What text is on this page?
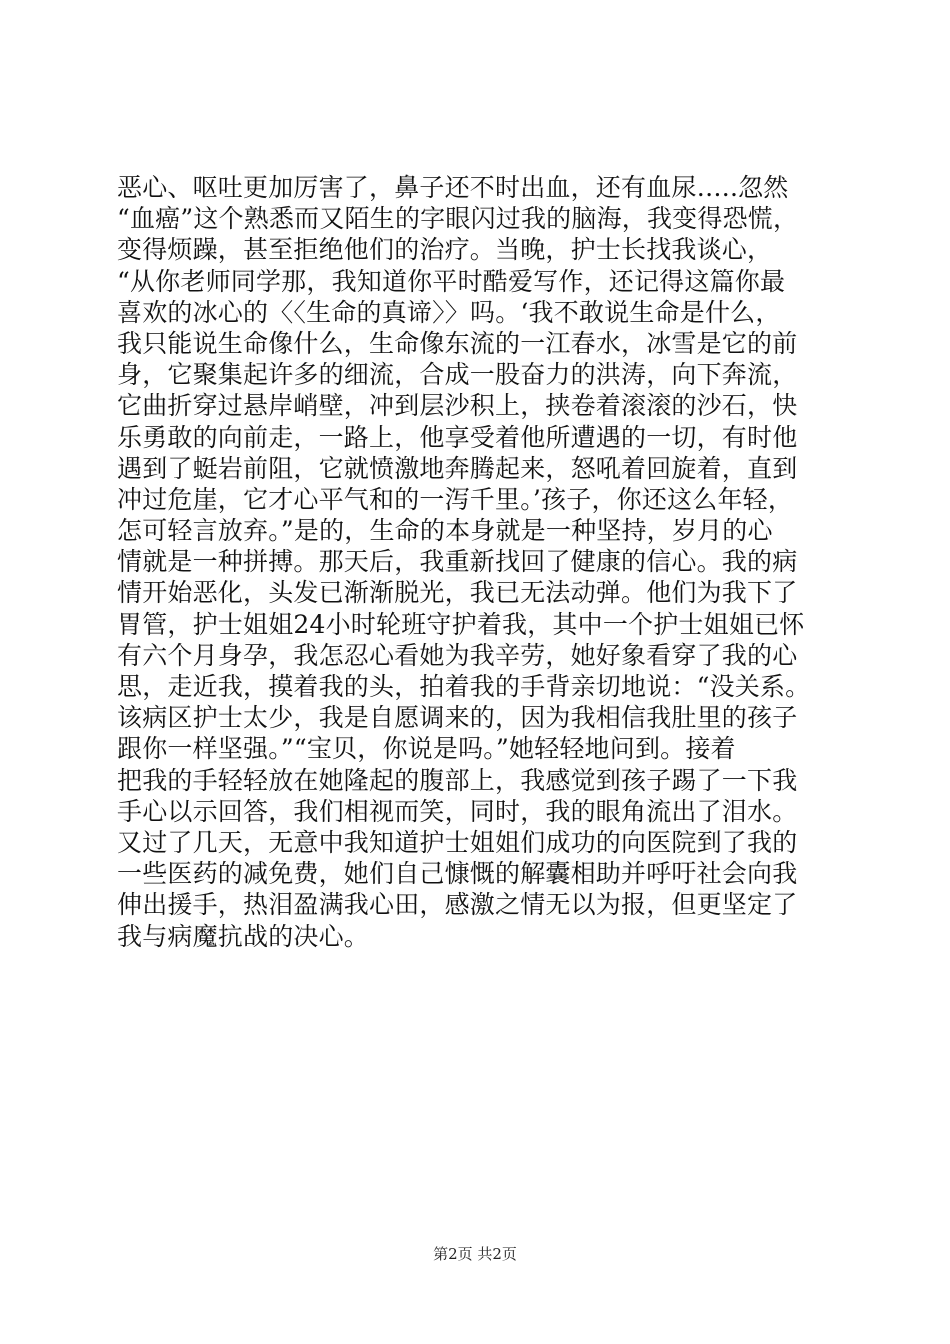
恶心、呕吐更加厉害了，鼻子还不时出血，还有血尿…..忽然
“血癌”这个熟悉而又陌生的字眼闪过我的脑海，我变得恐慌，
变得烦躁，甚至拒绝他们的治疗。当晚，护士长找我谈心，
“从你老师同学那，我知道你平时酷爱写作，还记得这篇你最
喜欢的冰心的〈〈生命的真谛〉〉吗。‘我不敢说生命是什么，
我只能说生命像什么，生命像东流的一江春水，冰雪是它的前
身，它聚集起许多的细流，合成一股奋力的洪涛，向下奔流，
它曲折穿过悬岸峭壁，冲到层沙积上，挟卷着滚滚的沙石，快
乐勇敢的向前走，一路上，他享受着他所遭遇的一切，有时他
遇到了蜓岩前阻，它就愤激地奔腾起来，怒吼着回旋着，直到
冲过危崖，它才心平气和的一泻千里。’孩子，你还这么年轻，
怎可轻言放弃。”是的，生命的本身就是一种坚持，岁月的心
情就是一种拼搏。那天后，我重新找回了健康的信心。我的病
情开始恶化，头发已渐渐脱光，我已无法动弹。他们为我下了
胃管，护士姐姐24小时轮班守护着我，其中一个护士姐姐已怀
有六个月身孕，我怎忍心看她为我辛劳，她好象看穿了我的心
思，走近我，摸着我的头，拍着我的手背亲切地说：“没关系。
该病区护士太少，我是自愿调来的，因为我相信我肚里的孩子
跟你一样坚强。”“宝贝，你说是吗。”她轻轻地问到。接着
把我的手轻轻放在她隆起的腹部上，我感觉到孩子踢了一下我
手心以示回答，我们相视而笑，同时，我的眼角流出了泪水。
又过了几天，无意中我知道护士姐姐们成功的向医院到了我的
一些医药的减免费，她们自己慷慨的解囊相助并呼吁社会向我
伸出援手，热泪盈满我心田，感激之情无以为报，但更坚定了
我与病魔抗战的决心。
第2页 共2页
